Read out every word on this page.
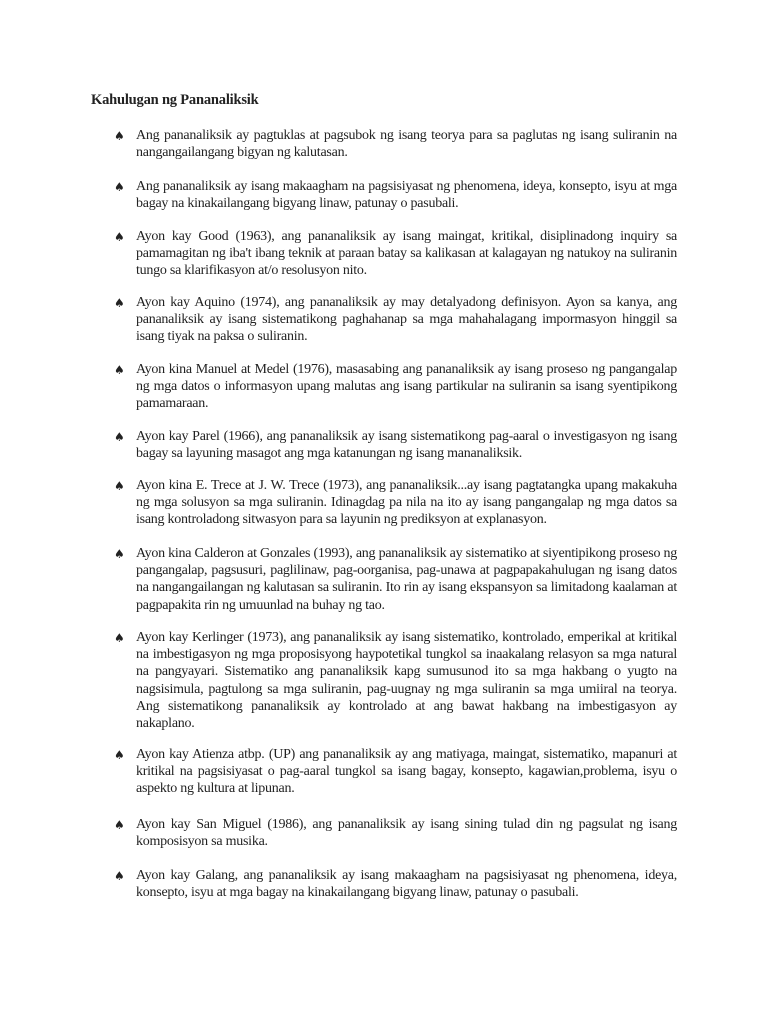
Kahulugan ng Pananaliksik
♠ Ang pananaliksik ay pagtuklas at pagsubok ng isang teorya para sa paglutas ng isang suliranin na nangangailangang bigyan ng kalutasan.
♠ Ang pananaliksik ay isang makaagham na pagsisiyasat ng phenomena, ideya, konsepto, isyu at mga bagay na kinakailangang bigyang linaw, patunay o pasubali.
♠ Ayon kay Good (1963), ang pananaliksik ay isang maingat, kritikal, disiplinadong inquiry sa pamamagitan ng iba't ibang teknik at paraan batay sa kalikasan at kalagayan ng natukoy na suliranin tungo sa klarifikasyon at/o resolusyon nito.
♠ Ayon kay Aquino (1974), ang pananaliksik ay may detalyadong definisyon. Ayon sa kanya, ang pananaliksik ay isang sistematikong paghahanap sa mga mahahalagang impormasyon hinggil sa isang tiyak na paksa o suliranin.
♠ Ayon kina Manuel at Medel (1976), masasabing ang pananaliksik ay isang proseso ng pangangalap ng mga datos o informasyon upang malutas ang isang partikular na suliranin sa isang syentipikong pamamaraan.
♠ Ayon kay Parel (1966), ang pananaliksik ay isang sistematikong pag-aaral o investigasyon ng isang bagay sa layuning masagot ang mga katanungan ng isang mananaliksik.
♠ Ayon kina E. Trece at J. W. Trece (1973), ang pananaliksik...ay isang pagtatangka upang makakuha ng mga solusyon sa mga suliranin. Idinagdag pa nila na ito ay isang pangangalap ng mga datos sa isang kontroladong sitwasyon para sa layunin ng prediksyon at explanasyon.
♠ Ayon kina Calderon at Gonzales (1993), ang pananaliksik ay sistematiko at siyentipikong proseso ng pangangalap, pagsusuri, paglilinaw, pag-oorganisa, pag-unawa at pagpapakahulugan ng isang datos na nangangailangan ng kalutasan sa suliranin. Ito rin ay isang ekspansyon sa limitadong kaalaman at pagpapakita rin ng umuunlad na buhay ng tao.
♠ Ayon kay Kerlinger (1973), ang pananaliksik ay isang sistematiko, kontrolado, emperikal at kritikal na imbestigasyon ng mga proposisyong haypotetikal tungkol sa inaakalang relasyon sa mga natural na pangyayari. Sistematiko ang pananaliksik kapg sumusunod ito sa mga hakbang o yugto na nagsisimula, pagtulong sa mga suliranin, pag-uugnay ng mga suliranin sa mga umiiral na teorya. Ang sistematikong pananaliksik ay kontrolado at ang bawat hakbang na imbestigasyon ay nakaplano.
♠ Ayon kay Atienza atbp. (UP) ang pananaliksik ay ang matiyaga, maingat, sistematiko, mapanuri at kritikal na pagsisiyasat o pag-aaral tungkol sa isang bagay, konsepto, kagawian,problema, isyu o aspekto ng kultura at lipunan.
♠ Ayon kay San Miguel (1986), ang pananaliksik ay isang sining tulad din ng pagsulat ng isang komposisyon sa musika.
♠ Ayon kay Galang, ang pananaliksik ay isang makaagham na pagsisiyasat ng phenomena, ideya, konsepto, isyu at mga bagay na kinakailangang bigyang linaw, patunay o pasubali.
